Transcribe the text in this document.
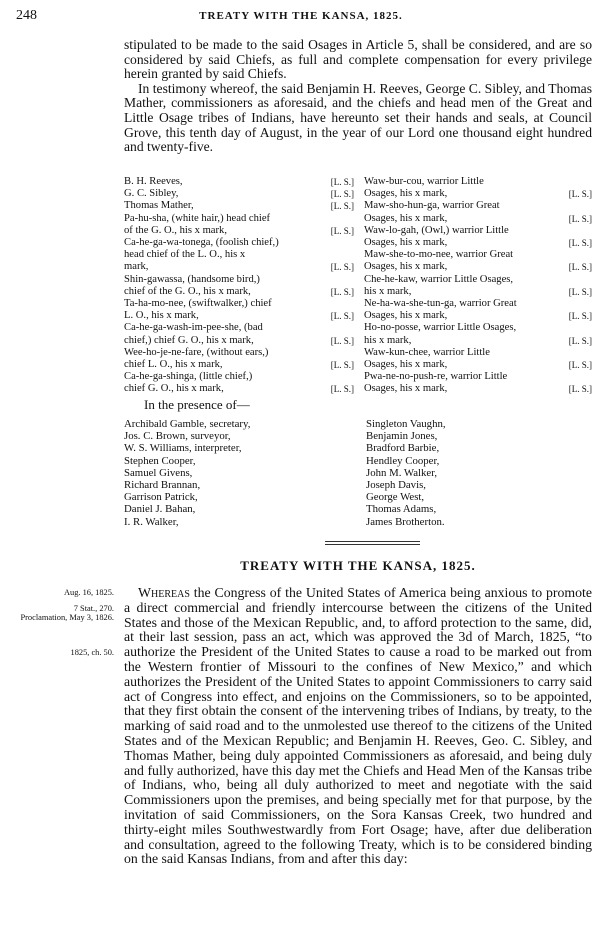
248	TREATY WITH THE KANSA, 1825.
stipulated to be made to the said Osages in Article 5, shall be considered, and are so considered by said Chiefs, as full and complete compensation for every privilege herein granted by said Chiefs.
In testimony whereof, the said Benjamin H. Reeves, George C. Sibley, and Thomas Mather, commissioners as aforesaid, and the chiefs and head men of the Great and Little Osage tribes of Indians, have hereunto set their hands and seals, at Council Grove, this tenth day of August, in the year of our Lord one thousand eight hundred and twenty-five.
B. H. Reeves,	[L. S.]
G. C. Sibley,	[L. S.]
Thomas Mather,	[L. S.]
Pa-hu-sha, (white hair,) head chief
of the G. O., his x mark,	[L. S.]
Ca-he-ga-wa-tonega, (foolish chief,)
head chief of the L. O., his x
mark,	[L. S.]
Shin-gawassa, (handsome bird,)
chief of the G. O., his x mark,	[L. S.]
Ta-ha-mo-nee, (swiftwalker,) chief
L. O., his x mark,	[L. S.]
Ca-he-ga-wash-im-pee-she, (bad
chief,) chief G. O., his x mark,	[L. S.]
Wee-ho-je-ne-fare, (without ears,)
chief L. O., his x mark,	[L. S.]
Ca-he-ga-shinga, (little chief,)
chief G. O., his x mark,	[L. S.]
Waw-bur-cou, warrior Little
Osages, his x mark,	[L. S.]
Maw-sho-hun-ga, warrior Great
Osages, his x mark,	[L. S.]
Waw-lo-gah, (Owl,) warrior Little
Osages, his x mark,	[L. S.]
Maw-she-to-mo-nee, warrior Great
Osages, his x mark,	[L. S.]
Che-he-kaw, warrior Little Osages,
his x mark,	[L. S.]
Ne-ha-wa-she-tun-ga, warrior Great
Osages, his x mark,	[L. S.]
Ho-no-posse, warrior Little Osages,
his x mark,	[L. S.]
Waw-kun-chee, warrior Little
Osages, his x mark,	[L. S.]
Pwa-ne-no-push-re, warrior Little
Osages, his x mark,	[L. S.]
In the presence of—
Archibald Gamble, secretary,
Jos. C. Brown, surveyor,
W. S. Williams, interpreter,
Stephen Cooper,
Samuel Givens,
Richard Brannan,
Garrison Patrick,
Daniel J. Bahan,
I. R. Walker,
Singleton Vaughn,
Benjamin Jones,
Bradford Barbie,
Hendley Cooper,
John M. Walker,
Joseph Davis,
George West,
Thomas Adams,
James Brotherton.
TREATY WITH THE KANSA, 1825.
Aug. 16, 1825.
7 Stat., 270.
Proclamation, May 3, 1826.
1825, ch. 50.
Whereas the Congress of the United States of America being anxious to promote a direct commercial and friendly intercourse between the citizens of the United States and those of the Mexican Republic, and, to afford protection to the same, did, at their last session, pass an act, which was approved the 3d of March, 1825, “to authorize the President of the United States to cause a road to be marked out from the Western frontier of Missouri to the confines of New Mexico,” and which authorizes the President of the United States to appoint Commissioners to carry said act of Congress into effect, and enjoins on the Commissioners, so to be appointed, that they first obtain the consent of the intervening tribes of Indians, by treaty, to the marking of said road and to the unmolested use thereof to the citizens of the United States and of the Mexican Republic; and Benjamin H. Reeves, Geo. C. Sibley, and Thomas Mather, being duly appointed Commissioners as aforesaid, and being duly and fully authorized, have this day met the Chiefs and Head Men of the Kansas tribe of Indians, who, being all duly authorized to meet and negotiate with the said Commissioners upon the premises, and being specially met for that purpose, by the invitation of said Commissioners, on the Sora Kansas Creek, two hundred and thirty-eight miles Southwestwardly from Fort Osage; have, after due deliberation and consultation, agreed to the following Treaty, which is to be considered binding on the said Kansas Indians, from and after this day:
